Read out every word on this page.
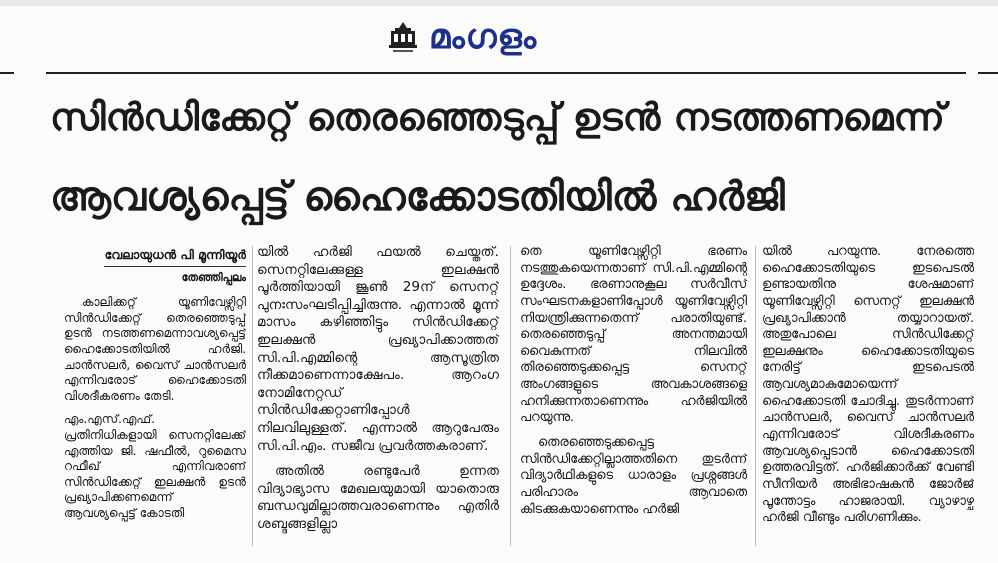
മംഗളം
സിൻഡിക്കേറ്റ് തെരഞ്ഞെടുപ്പ് ഉടൻ നടത്തണമെന്ന്
ആവശ്യപ്പെട്ട് ഹൈക്കോടതിയിൽ ഹർജി
വേലായുധൻ പി മൂന്നിയൂർ
തേഞ്ഞിപ്പലം

കാലിക്കറ്റ് യൂണിവേഴ്സിറ്റി സിൻഡിക്കേറ്റ് തെരഞ്ഞെടുപ്പ് ഉടൻ നടത്തണമെന്നാവശ്യപ്പെട്ട് ഹൈക്കോടതിയിൽ ഹർജി. ചാൻസലർ, വൈസ് ചാൻസലർ എന്നിവരോട് ഹൈക്കോടതി വിശദീകരണം തേടി.

എം.എസ്.എഫ്. പ്രതിനിധികളായി സെനറ്റിലേക്ക് എത്തിയ ജി. ഷഫീൽ, റുമൈസ റഫീഖ് എന്നിവരാണ് സിൻഡിക്കേറ്റ് ഇലക്ഷൻ ഉടൻ പ്രഖ്യാപിക്കണമെന്ന് ആവശ്യപ്പെട്ട് കോടതി

യിൽ ഹർജി ഫയൽ ചെയ്തത്. സെനറ്റിലേക്കുള്ള ഇലക്ഷൻ പൂർത്തിയായി ജൂൺ 29ന് സെനറ്റ് പുനഃസംഘടിപ്പിച്ചിരുന്നു. എന്നാൽ മൂന്ന് മാസം കഴിഞ്ഞിട്ടും സിൻഡിക്കേറ്റ് ഇലക്ഷൻ പ്രഖ്യാപിക്കാത്തത് സി.പി.എമ്മിന്റെ ആസൂത്രിത നീക്കമാണെന്നാക്ഷേപം. ആറംഗ നോമിനേറ്റഡ് സിൻഡിക്കേറ്റാണിപ്പോൾ നിലവിലുള്ളത്. എന്നാൽ ആറുപേരും സി.പി.എം. സജീവ പ്രവർത്തകരാണ്.

അതിൽ രണ്ടുപേർ ഉന്നത വിദ്യാഭ്യാസ മേഖലയുമായി യാതൊരു ബന്ധവുമില്ലാത്തവരാണെന്നും എതിർ ശബ്ദങ്ങളില്ലാ

തെ യൂണിവേഴ്സിറ്റി ഭരണം നടത്തുകയെന്നതാണ് സി.പി.എമ്മിന്റെ ഉദ്ദേശം. ഭരണാനുകൂല സർവീസ് സംഘടനകളാണിപ്പോൾ യൂണിവേഴ്സിറ്റി നിയന്ത്രിക്കുന്നതെന്ന് പരാതിയുണ്ട്. തെരഞ്ഞെടുപ്പ് അനന്തമായി വൈകുന്നത് നിലവിൽ തിരഞ്ഞെടുക്കപ്പെട്ട സെനറ്റ് അംഗങ്ങളുടെ അവകാശങ്ങളെ ഹനിക്കുന്നതാണെന്നും ഹർജിയിൽ പറയുന്നു.

തെരഞ്ഞെടുക്കപ്പെട്ട സിൻഡിക്കേറ്റില്ലാത്തതിനെ തുടർന്ന് വിദ്യാർഥികളുടെ ധാരാളം പ്രശ്നങ്ങൾ പരിഹാരം ആവാതെ കിടക്കുകയാണെന്നും ഹർജി

യിൽ പറയുന്നു. നേരത്തെ ഹൈക്കോടതിയുടെ ഇടപെടൽ ഉണ്ടായതിനു ശേഷമാണ് യൂണിവേഴ്സിറ്റി സെനറ്റ് ഇലക്ഷൻ പ്രഖ്യാപിക്കാൻ തയ്യാറായത്. അതുപോലെ സിൻഡിക്കേറ്റ് ഇലക്ഷനും ഹൈക്കോടതിയുടെ നേരിട്ട് ഇടപെടൽ ആവശ്യമാകുമോയെന്ന് ഹൈക്കോടതി ചോദിച്ചു. തുടർന്നാണ് ചാൻസലർ, വൈസ് ചാൻസലർ എന്നിവരോട് വിശദീകരണം ആവശ്യപ്പെടാൻ ഹൈക്കോടതി ഉത്തരവിട്ടത്. ഹർജിക്കാർക്ക് വേണ്ടി സീനിയർ അഭിഭാഷകൻ ജോർജ് പൂന്തോട്ടം ഹാജരായി. വ്യാഴാഴ്ച ഹർജി വീണ്ടും പരിഗണിക്കും.
